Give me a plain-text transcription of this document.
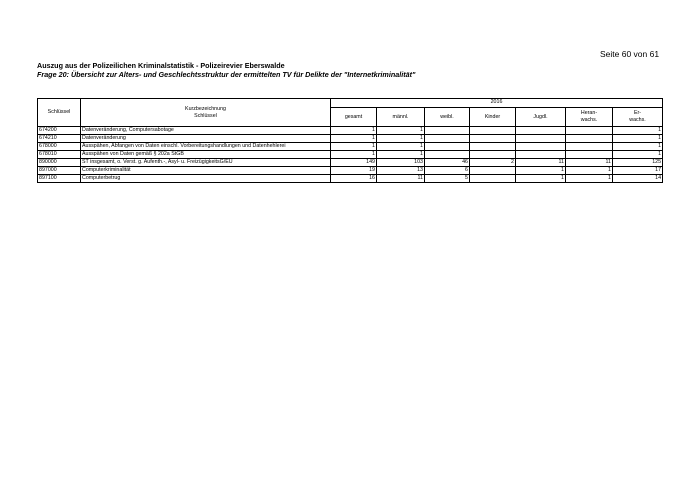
Seite 60 von 61
Auszug aus der Polizeilichen Kriminalstatistik - Polizeirevier Eberswalde
Frage 20: Übersicht zur Alters- und Geschlechtsstruktur der ermittelten TV für Delikte der "Internetkriminalität"
Schlüssel	Kurzbezeichnung
Schlüssel	2016						

		gesamt	männl.	weibl.	Kinder	Jugdl.	Heran-
wachs.	Er-
wachs.

674200	Datenveränderung, Computersabotage	1	1					1
674210	Datenveränderung	1	1					1
678000	Ausspähen, Abfangen von Daten einschl. Vorbereitungshandlungen und Datenhehlerei	1	1					1
678010	Ausspähen von Daten gemäß § 202a StGB	1	1					1
890000	ST insgesamt, o. Verst. g. Aufenth.-, Asyl- u. FreizügigkeitsG/EU	149	103	46	2	11	11	125
897000	Computerkriminalität	19	13	6		1	1	17
897100	Computerbetrug	16	11	5		1	1	14
